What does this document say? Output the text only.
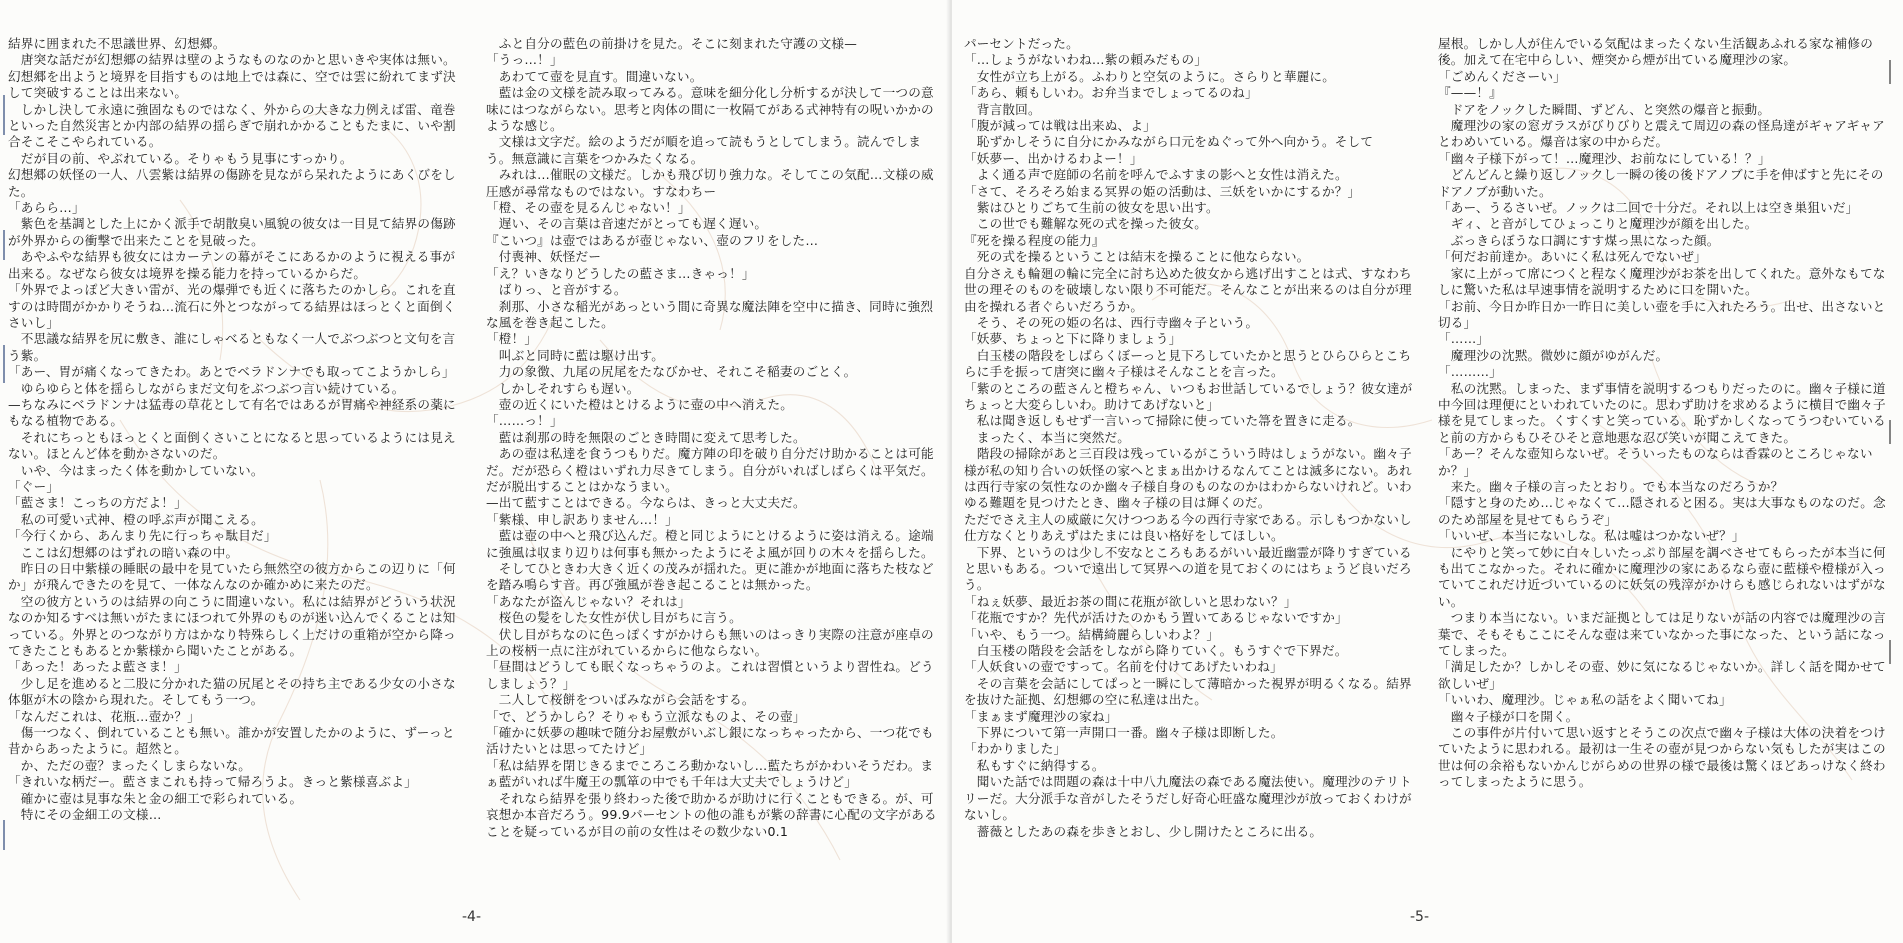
結界に囲まれた不思議世界、幻想郷。

　唐突な話だが幻想郷の結界は壁のようなものなのかと思いきや実体は無い。幻想郷を出ようと境界を目指すものは地上では森に、空では雲に紛れてまず決して突破することは出来ない。

　しかし決して永遠に強固なものではなく、外からの大きな力例えば雷、竜巻といった自然災害とか内部の結界の揺らぎで崩れかかることもたまに、いや割合そこそこやられている。

　だが目の前、やぶれている。そりゃもう見事にすっかり。

幻想郷の妖怪の一人、八雲紫は結界の傷跡を見ながら呆れたようにあくびをした。

「あらら…」

　紫色を基調とした上にかく派手で胡散臭い風貌の彼女は一目見て結界の傷跡が外界からの衝撃で出来たことを見破った。

　あやふやな結界も彼女にはカーテンの幕がそこにあるかのように視える事が出来る。なぜなら彼女は境界を操る能力を持っているからだ。

「外界でよっぽど大きい雷が、光の爆弾でも近くに落ちたのかしら。これを直すのは時間がかかりそうね…流石に外とつながってる結界はほっとくと面倒くさいし」

　不思議な結界を尻に敷き、誰にしゃべるともなく一人でぶつぶつと文句を言う紫。

「あー、胃が痛くなってきたわ。あとでベラドンナでも取ってこようかしら」

　ゆらゆらと体を揺らしながらまだ文句をぶつぶつ言い続けている。

—ちなみにベラドンナは猛毒の草花として有名ではあるが胃痛や神経系の薬にもなる植物である。

　それにちっともほっとくと面倒くさいことになると思っているようには見えない。ほとんど体を動かさないのだ。

　いや、今はまったく体を動かしていない。

「ぐー」

「藍さま！こっちの方だよ！」

　私の可愛い式神、橙の呼ぶ声が聞こえる。

「今行くから、あんまり先に行っちゃ駄目だ」

　ここは幻想郷のはずれの暗い森の中。

　昨日の日中紫様の睡眠の最中を見ていたら無然空の彼方からこの辺りに「何か」が飛んできたのを見て、一体なんなのか確かめに来たのだ。

　空の彼方というのは結界の向こうに間違いない。私には結界がどういう状況なのか知るすべは無いがたまにほつれて外界のものが迷い込んでくることは知っている。外界とのつながり方はかなり特殊らしく上だけの重箱が空から降ってきたこともあるとか紫様から聞いたことがある。

「あった！あったよ藍さま！」

　少し足を進めると二股に分かれた猫の尻尾とその持ち主である少女の小さな体躯が木の陰から現れた。そしてもう一つ。

「なんだこれは、花瓶…壺か？」

　傷一つなく、倒れていることも無い。誰かが安置したかのように、ずーっと昔からあったように。超然と。

　か、ただの壺？まったくしまらないな。

「きれいな柄だー。藍さまこれも持って帰ろうよ。きっと紫様喜ぶよ」

　確かに壺は見事な朱と金の細工で彩られている。

　特にその金細工の文様…

　ふと自分の藍色の前掛けを見た。そこに刻まれた守護の文様—

「うっ…！」

　あわてて壺を見直す。間違いない。

　藍は金の文様を読み取ってみる。意味を細分化し分析するが決して一つの意味にはつながらない。思考と肉体の間に一枚隔てがある式神特有の呪いかかのような感じ。

　文様は文字だ。絵のようだが順を追って読もうとしてしまう。読んでしまう。無意識に言葉をつかみたくなる。

　みれは…催眠の文様だ。しかも飛び切り強力な。そしてこの気配…文様の威圧感が尋常なものではない。すなわちー

「橙、その壺を見るんじゃない！」

　遅い、その言葉は音速だがとっても遅く遅い。

『こいつ』は壺ではあるが壺じゃない、壺のフリをした…

　付喪神、妖怪だー

「え？いきなりどうしたの藍さま…きゃっ！」

　ばりっ、と音がする。

　刹那、小さな稲光があっという間に奇異な魔法陣を空中に描き、同時に強烈な風を巻き起こした。

「橙！」

　叫ぶと同時に藍は駆け出す。

　力の象徴、九尾の尻尾をたなびかせ、それこそ稲妻のごとく。

　しかしそれすらも遅い。

　壺の近くにいた橙はとけるように壺の中へ消えた。

「……っ！」

　藍は刹那の時を無限のごとき時間に変えて思考した。

　あの壺は私達を食うつもりだ。魔方陣の印を破り自分だけ助かることは可能だ。だが恐らく橙はいずれ力尽きてしまう。自分がいればしばらくは平気だ。だが脱出することはかなうまい。

—出て藍すことはできる。今ならは、きっと大丈夫だ。

「紫様、申し訳ありません…！」

　藍は壺の中へと飛び込んだ。橙と同じようにとけるように姿は消える。途端に強風は収まり辺りは何事も無かったようにそよ風が回りの木々を揺らした。

　そしてひときわ大きく近くの茂みが揺れた。更に誰かが地面に落ちた枝などを踏み鳴らす音。再び強風が巻き起こることは無かった。

「あなたが盗んじゃない？それは」

　桜色の髪をした女性が伏し目がちに言う。

　伏し目がちなのに色っぽくすがかけらも無いのはっきり実際の注意が座卓の上の桜柄一点に注がれているからに他ならない。

「昼間はどうしても眠くなっちゃうのよ。これは習慣というより習性ね。どうしましょう？」

　二人して桜餅をついばみながら会話をする。

「で、どうかしら？そりゃもう立派なものよ、その壺」

「確かに妖夢の趣味で随分お屋敷がいぶし銀になっちゃったから、一つ花でも活けたいとは思ってたけど」

「私は結界を閉じきるまでころころ動かないし…藍たちがかわいそうだわ。まぁ藍がいれば牛魔王の瓢箪の中でも千年は大丈夫でしょうけど」

　それなら結界を張り終わった後で助かるが助けに行くこともできる。が、可哀想か本音だろう。99.9パーセントの他の誰もが紫の辞書に心配の文字があることを疑っているが目の前の女性はその数少ない0.1

-4-

パーセントだった。

「…しょうがないわね…紫の頼みだもの」

　女性が立ち上がる。ふわりと空気のように。さらりと華麗に。

「あら、頼もしいわ。お弁当までしょってるのね」

　背言散回。

「腹が減っては戦は出来ぬ、よ」

　恥ずかしそうに自分にかみながら口元をぬぐって外へ向かう。そして

「妖夢ー、出かけるわよー！」

　よく通る声で庭師の名前を呼んでふすまの影へと女性は消えた。

「さて、そろそろ始まる冥界の姫の活動は、三妖をいかにするか？」

　紫はひとりごちて生前の彼女を思い出す。

　この世でも難解な死の式を操った彼女。

『死を操る程度の能力』

　死の式を操るということは結末を操ることに他ならない。

自分さえも輪廻の輪に完全に討ち込めた彼女から逃げ出すことは式、すなわち世の理そのものを破壊しない限り不可能だ。そんなことが出来るのは自分が理由を操れる者ぐらいだろうか。

　そう、その死の姫の名は、西行寺幽々子という。

「妖夢、ちょっと下に降りましょう」

　白玉楼の階段をしばらくぼーっと見下ろしていたかと思うとひらひらとこちらに手を振って唐突に幽々子様はそんなことを言った。

「紫のところの藍さんと橙ちゃん、いつもお世話しているでしょう？彼女達がちょっと大変らしいわ。助けてあげないと」

　私は聞き返しもせず一言いって掃除に使っていた箒を置きに走る。

　まったく、本当に突然だ。

　階段の掃除があと三百段は残っているがこういう時はしょうがない。幽々子様が私の知り合いの妖怪の家へとまぁ出かけるなんてことは滅多にない。あれは西行寺家の気性なのか幽々子様自身のものなのかはわからないけれど。いわゆる難題を見つけたとき、幽々子様の目は輝くのだ。

ただでさえ主人の威厳に欠けつつある今の西行寺家である。示しもつかないし仕方なくとりあえずはたまには良い格好をしてほしい。

　下界、というのは少し不安なところもあるがいい最近幽霊が降りすぎていると思いもある。ついで遠出して冥界への道を見ておくのにはちょうど良いだろう。

「ねぇ妖夢、最近お茶の間に花瓶が欲しいと思わない？」

「花瓶ですか？先代が活けたのかもう置いてあるじゃないですか」

「いや、もう一つ。結構綺麗らしいわよ？」

　白玉楼の階段を会話をしながら降りていく。もうすぐで下界だ。

「人妖食いの壺ですって。名前を付けてあげたいわね」

　その言葉を会話にしてぱっと一瞬にして薄暗かった視界が明るくなる。結界を抜けた証拠、幻想郷の空に私達は出た。

「まぁまず魔理沙の家ね」

　下界について第一声開口一番。幽々子様は即断した。

「わかりました」

　私もすぐに納得する。

　聞いた話では問題の森は十中八九魔法の森である魔法使い。魔理沙のテリトリーだ。大分派手な音がしたそうだし好奇心旺盛な魔理沙が放っておくわけがないし。

　薔薇としたあの森を歩きとおし、少し開けたところに出る。

屋根。しかし人が住んでいる気配はまったくない生活観あふれる家な補修の後。加えて在宅中らしい、煙突から煙が出ている魔理沙の家。

「ごめんくださーい」

『——！』

　ドアをノックした瞬間、ずどん、と突然の爆音と振動。

　魔理沙の家の窓ガラスがびりびりと震えて周辺の森の怪鳥達がギャアギャアとわめいている。爆音は家の中からだ。

「幽々子様下がって！…魔理沙、お前なにしている！？」

　どんどんと繰り返しノックし一瞬の後の後ドアノブに手を伸ばすと先にそのドアノブが動いた。

「あー、うるさいぜ。ノックは二回で十分だ。それ以上は空き巣狙いだ」

　ギィ、と音がしてひょっこりと魔理沙が顔を出した。

　ぶっきらぼうな口調にすす煤っ黒になった顔。

「何だお前達か。あいにく私は死んでないぜ」

　家に上がって席につくと程なく魔理沙がお茶を出してくれた。意外なもてなしに驚いた私は早速事情を説明するために口を開いた。

「お前、今日か昨日か一昨日に美しい壺を手に入れたろう。出せ、出さないと切る」

「……」

　魔理沙の沈黙。微妙に顔がゆがんだ。

「………」

　私の沈黙。しまった、まず事情を説明するつもりだったのに。幽々子様に道中今回は理便にといわれていたのに。思わず助けを求めるように横目で幽々子様を見てしまった。くすくすと笑っている。恥ずかしくなってうつむいていると前の方からもひそひそと意地悪な忍び笑いが聞こえてきた。

「あー？そんな壺知らないぜ。そういったものならは香霖のところじゃないか？」

　来た。幽々子様の言ったとおり。でも本当なのだろうか？

「隠すと身のため…じゃなくて…隠されると困る。実は大事なものなのだ。念のため部屋を見せてもらうぞ」

「いいぜ、本当にないしな。私は嘘はつかないぜ？」

　にやりと笑って妙に白々しいたっぷり部屋を調べさせてもらったが本当に何も出てこなかった。それに確かに魔理沙の家にあるなら壺に藍様や橙様が入っていてこれだけ近づいているのに妖気の残滓がかけらも感じられないはずがない。

　つまり本当にない。いまだ証拠としては足りないが話の内容では魔理沙の言葉で、そもそもここにそんな壺は来ていなかった事になった、という話になってしまった。

「満足したか？しかしその壺、妙に気になるじゃないか。詳しく話を聞かせて欲しいぜ」

「いいわ、魔理沙。じゃぁ私の話をよく聞いてね」

　幽々子様が口を開く。

　この事件が片付いて思い返すとそうこの次点で幽々子様は大体の決着をつけていたように思われる。最初は一生その壺が見つからない気もしたが実はこの世は何の余裕もないかんじがらめの世界の様で最後は驚くほどあっけなく終わってしまったように思う。

-5-
